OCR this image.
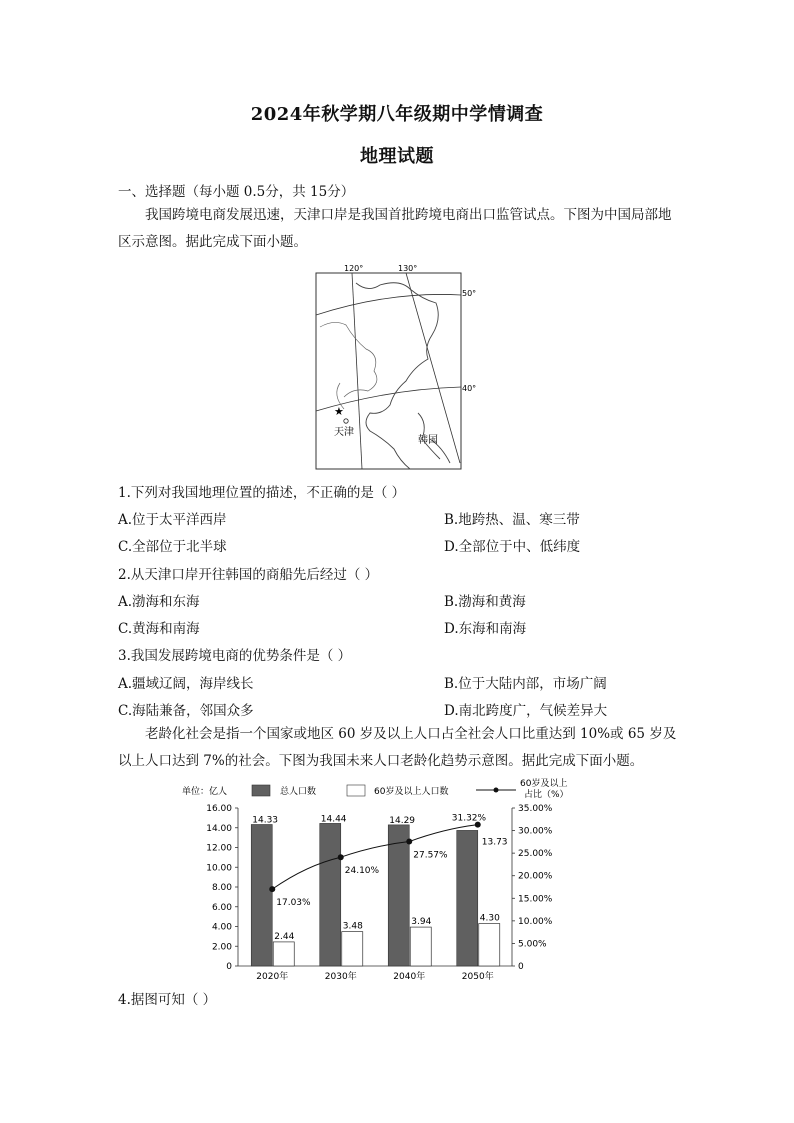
2024年秋学期八年级期中学情调查
地理试题
一、选择题（每小题 0.5分，共 15分）
我国跨境电商发展迅速，天津口岸是我国首批跨境电商出口监管试点。下图为中国局部地区示意图。据此完成下面小题。
120°	130°
50°
40°
★
天津
韩国
1.下列对我国地理位置的描述，不正确的是（ ）
A.位于太平洋西岸	B.地跨热、温、寒三带
C.全部位于北半球	D.全部位于中、低纬度
2.从天津口岸开往韩国的商船先后经过（ ）
A.渤海和东海	B.渤海和黄海
C.黄海和南海	D.东海和南海
3.我国发展跨境电商的优势条件是（ ）
A.疆域辽阔，海岸线长	B.位于大陆内部，市场广阔
C.海陆兼备，邻国众多	D.南北跨度广，气候差异大
老龄化社会是指一个国家或地区 60 岁及以上人口占全社会人口比重达到 10%或 65 岁及以上人口达到 7%的社会。下图为我国未来人口老龄化趋势示意图。据此完成下面小题。
单位：亿人	总人口数	60岁及以上人口数
60岁及以上
占比（%）
0
2.00
4.00
6.00
8.00
10.00
12.00
14.00
16.00
0
5.00%
10.00%
15.00%
20.00%
25.00%
30.00%
35.00%
14.33
2.44
2020年
14.44
3.48
2030年
14.29
3.94
2040年
13.73
4.30
2050年
17.03%
24.10%
27.57%
31.32%
4.据图可知（ ）
